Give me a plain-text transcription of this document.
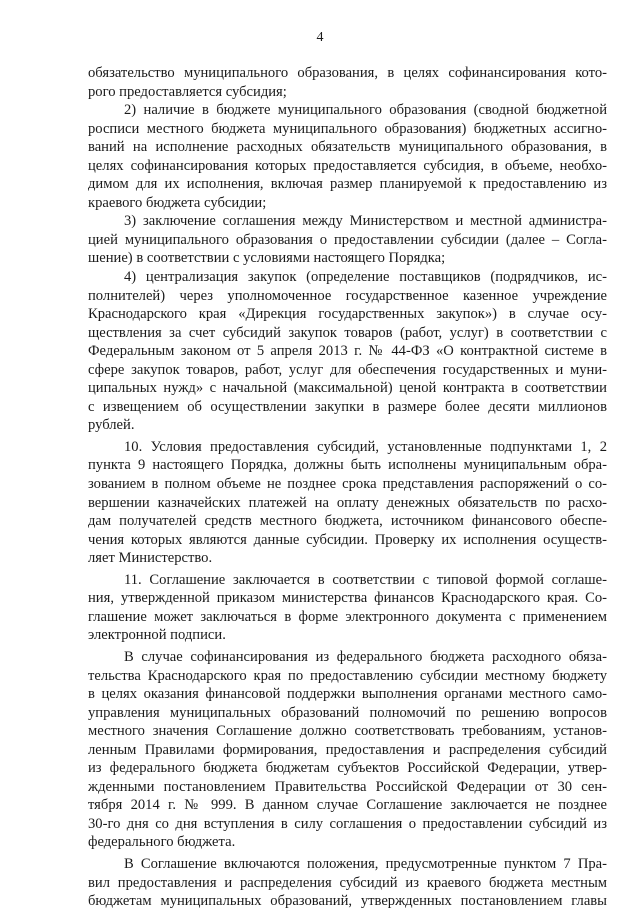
4
обязательство муниципального образования, в целях софинансирования кото-
рого предоставляется субсидия;
2) наличие в бюджете муниципального образования (сводной бюджетной
росписи местного бюджета муниципального образования) бюджетных ассигно-
ваний на исполнение расходных обязательств муниципального образования, в
целях софинансирования которых предоставляется субсидия, в объеме, необхо-
димом для их исполнения, включая размер планируемой к предоставлению из
краевого бюджета субсидии;
3) заключение соглашения между Министерством и местной администра-
цией муниципального образования о предоставлении субсидии (далее – Согла-
шение) в соответствии с условиями настоящего Порядка;
4) централизация закупок (определение поставщиков (подрядчиков, ис-
полнителей) через уполномоченное государственное казенное учреждение
Краснодарского края «Дирекция государственных закупок») в случае осу-
ществления за счет субсидий закупок товаров (работ, услуг) в соответствии с
Федеральным законом от 5 апреля 2013 г. № 44-ФЗ «О контрактной системе в
сфере закупок товаров, работ, услуг для обеспечения государственных и муни-
ципальных нужд» с начальной (максимальной) ценой контракта в соответствии
с извещением об осуществлении закупки в размере более десяти миллионов
рублей.
10. Условия предоставления субсидий, установленные подпунктами 1, 2
пункта 9 настоящего Порядка, должны быть исполнены муниципальным обра-
зованием в полном объеме не позднее срока представления распоряжений о со-
вершении казначейских платежей на оплату денежных обязательств по расхо-
дам получателей средств местного бюджета, источником финансового обеспе-
чения которых являются данные субсидии. Проверку их исполнения осуществ-
ляет Министерство.
11. Соглашение заключается в соответствии с типовой формой соглаше-
ния, утвержденной приказом министерства финансов Краснодарского края. Со-
глашение может заключаться в форме электронного документа с применением
электронной подписи.
В случае софинансирования из федерального бюджета расходного обяза-
тельства Краснодарского края по предоставлению субсидии местному бюджету
в целях оказания финансовой поддержки выполнения органами местного само-
управления муниципальных образований полномочий по решению вопросов
местного значения Соглашение должно соответствовать требованиям, установ-
ленным Правилами формирования, предоставления и распределения субсидий
из федерального бюджета бюджетам субъектов Российской Федерации, утвер-
жденными постановлением Правительства Российской Федерации от 30 сен-
тября 2014 г. № 999. В данном случае Соглашение заключается не позднее
30-го дня со дня вступления в силу соглашения о предоставлении субсидий из
федерального бюджета.
В Соглашение включаются положения, предусмотренные пунктом 7 Пра-
вил предоставления и распределения субсидий из краевого бюджета местным
бюджетам муниципальных образований, утвержденных постановлением главы
